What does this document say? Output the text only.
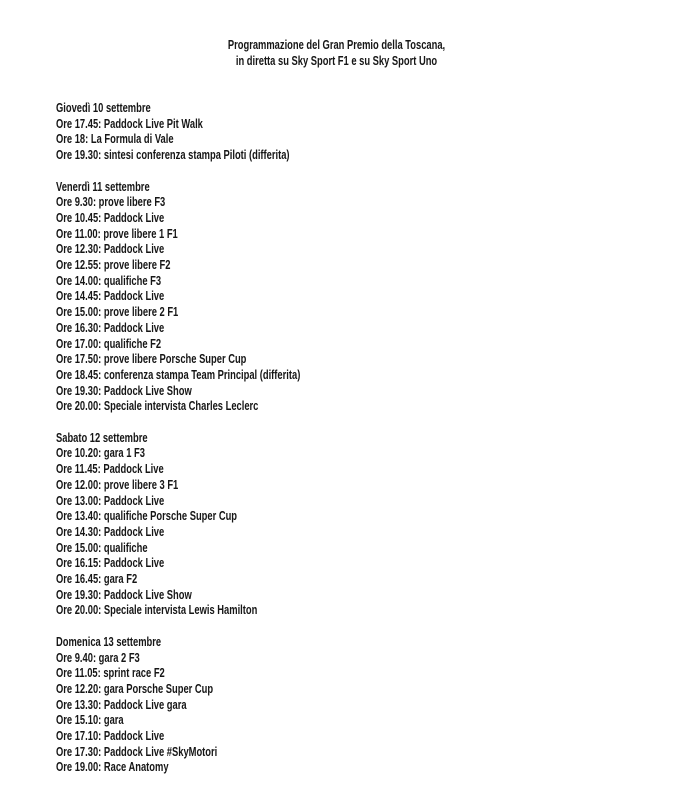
Programmazione del Gran Premio della Toscana,
in diretta su Sky Sport F1 e su Sky Sport Uno
Giovedì 10 settembre
Ore 17.45: Paddock Live Pit Walk
Ore 18: La Formula di Vale
Ore 19.30: sintesi conferenza stampa Piloti (differita)
Venerdì 11 settembre
Ore 9.30: prove libere F3
Ore 10.45: Paddock Live
Ore 11.00: prove libere 1 F1
Ore 12.30: Paddock Live
Ore 12.55: prove libere F2
Ore 14.00: qualifiche F3
Ore 14.45: Paddock Live
Ore 15.00: prove libere 2 F1
Ore 16.30: Paddock Live
Ore 17.00: qualifiche F2
Ore 17.50: prove libere Porsche Super Cup
Ore 18.45: conferenza stampa Team Principal (differita)
Ore 19.30: Paddock Live Show
Ore 20.00: Speciale intervista Charles Leclerc
Sabato 12 settembre
Ore 10.20: gara 1 F3
Ore 11.45: Paddock Live
Ore 12.00: prove libere 3 F1
Ore 13.00: Paddock Live
Ore 13.40: qualifiche Porsche Super Cup
Ore 14.30: Paddock Live
Ore 15.00: qualifiche
Ore 16.15: Paddock Live
Ore 16.45: gara F2
Ore 19.30: Paddock Live Show
Ore 20.00: Speciale intervista Lewis Hamilton
Domenica 13 settembre
Ore 9.40: gara 2 F3
Ore 11.05: sprint race F2
Ore 12.20: gara Porsche Super Cup
Ore 13.30: Paddock Live gara
Ore 15.10: gara
Ore 17.10: Paddock Live
Ore 17.30: Paddock Live #SkyMotori
Ore 19.00: Race Anatomy
